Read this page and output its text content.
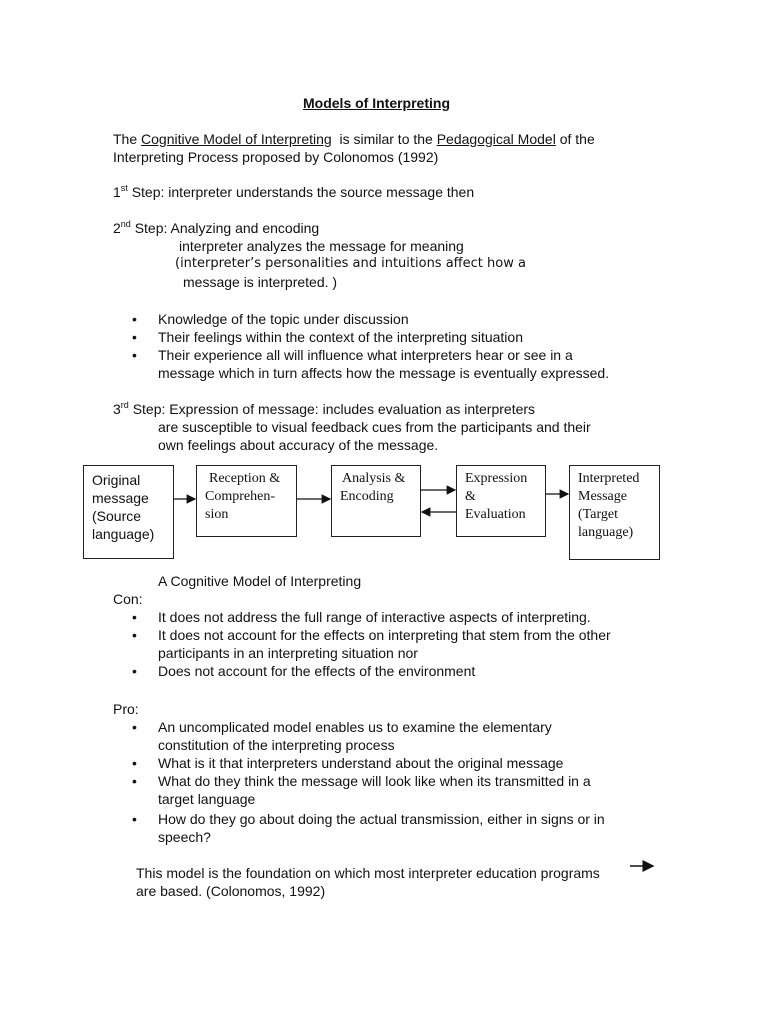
Models of Interpreting
The Cognitive Model of Interpreting  is similar to the Pedagogical Model of the
Interpreting Process proposed by Colonomos (1992)
1st Step: interpreter understands the source message then
2nd Step: Analyzing and encoding
interpreter analyzes the message for meaning
(interpreter’s personalities and intuitions affect how a
message is interpreted. )
• Knowledge of the topic under discussion
• Their feelings within the context of the interpreting situation
• Their experience all will influence what interpreters hear or see in a
message which in turn affects how the message is eventually expressed.
3rd Step: Expression of message: includes evaluation as interpreters
are susceptible to visual feedback cues from the participants and their
own feelings about accuracy of the message.
Original
message
(Source
language)
Reception &
Comprehen-
sion
Analysis &
Encoding
Expression
&
Evaluation
Interpreted
Message
(Target
language)
A Cognitive Model of Interpreting
Con:
• It does not address the full range of interactive aspects of interpreting.
• It does not account for the effects on interpreting that stem from the other
participants in an interpreting situation nor
• Does not account for the effects of the environment
Pro:
• An uncomplicated model enables us to examine the elementary
constitution of the interpreting process
• What is it that interpreters understand about the original message
• What do they think the message will look like when its transmitted in a
target language
• How do they go about doing the actual transmission, either in signs or in
speech?
This model is the foundation on which most interpreter education programs
are based. (Colonomos, 1992)
